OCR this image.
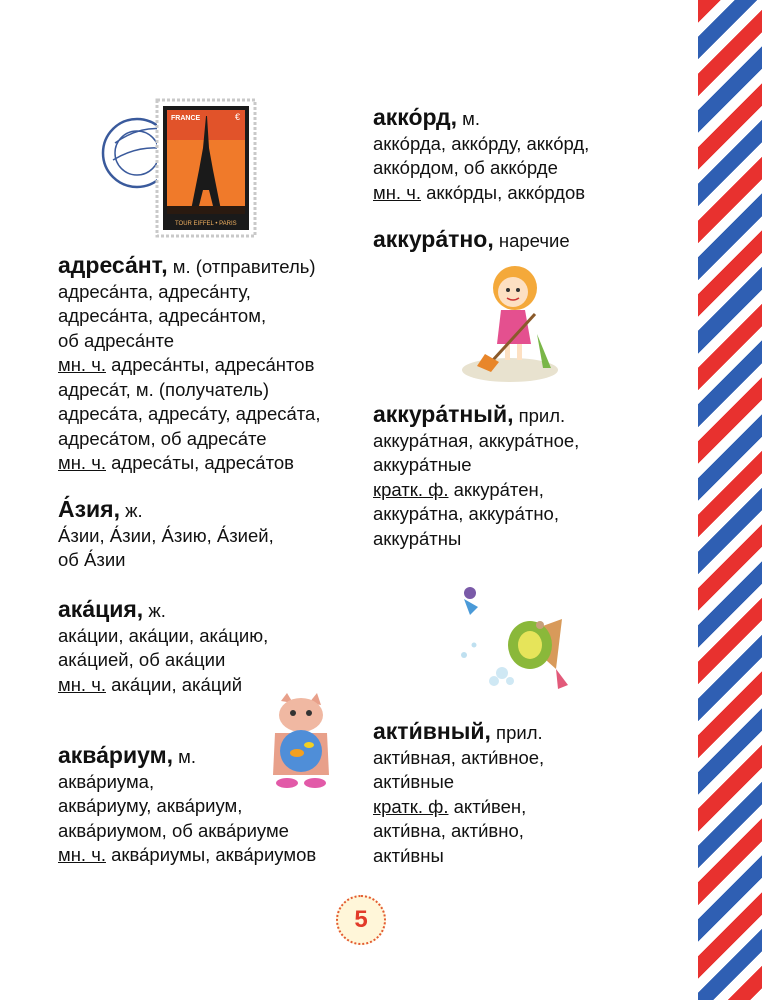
FRANCE	€
TOUR EIFFEL • PARIS
адреса́нт, м. (отправитель)
адреса́нта, адреса́нту,
адреса́нта, адреса́нтом,
об адреса́нте
мн. ч. адреса́нты, адреса́нтов
адреса́т, м. (получатель)
адреса́та, адреса́ту, адреса́та,
адреса́том, об адреса́те
мн. ч. адреса́ты, адреса́тов
А́зия, ж.
А́зии, А́зии, А́зию, А́зией,
об А́зии
ака́ция, ж.
ака́ции, ака́ции, ака́цию,
ака́цией, об ака́ции
мн. ч. ака́ции, ака́ций
аква́риум, м.
аква́риума,
аква́риуму, аква́риум,
аква́риумом, об аква́риуме
мн. ч. аква́риумы, аква́риумов
акко́рд, м.
акко́рда, акко́рду, акко́рд,
акко́рдом, об акко́рде
мн. ч. акко́рды, акко́рдов
аккура́тно, наречие
аккура́тный, прил.
аккура́тная, аккура́тное,
аккура́тные
кратк. ф. аккура́тен,
аккура́тна, аккура́тно,
аккура́тны
акти́вный, прил.
акти́вная, акти́вное,
акти́вные
кратк. ф. акти́вен,
акти́вна, акти́вно,
акти́вны
5
